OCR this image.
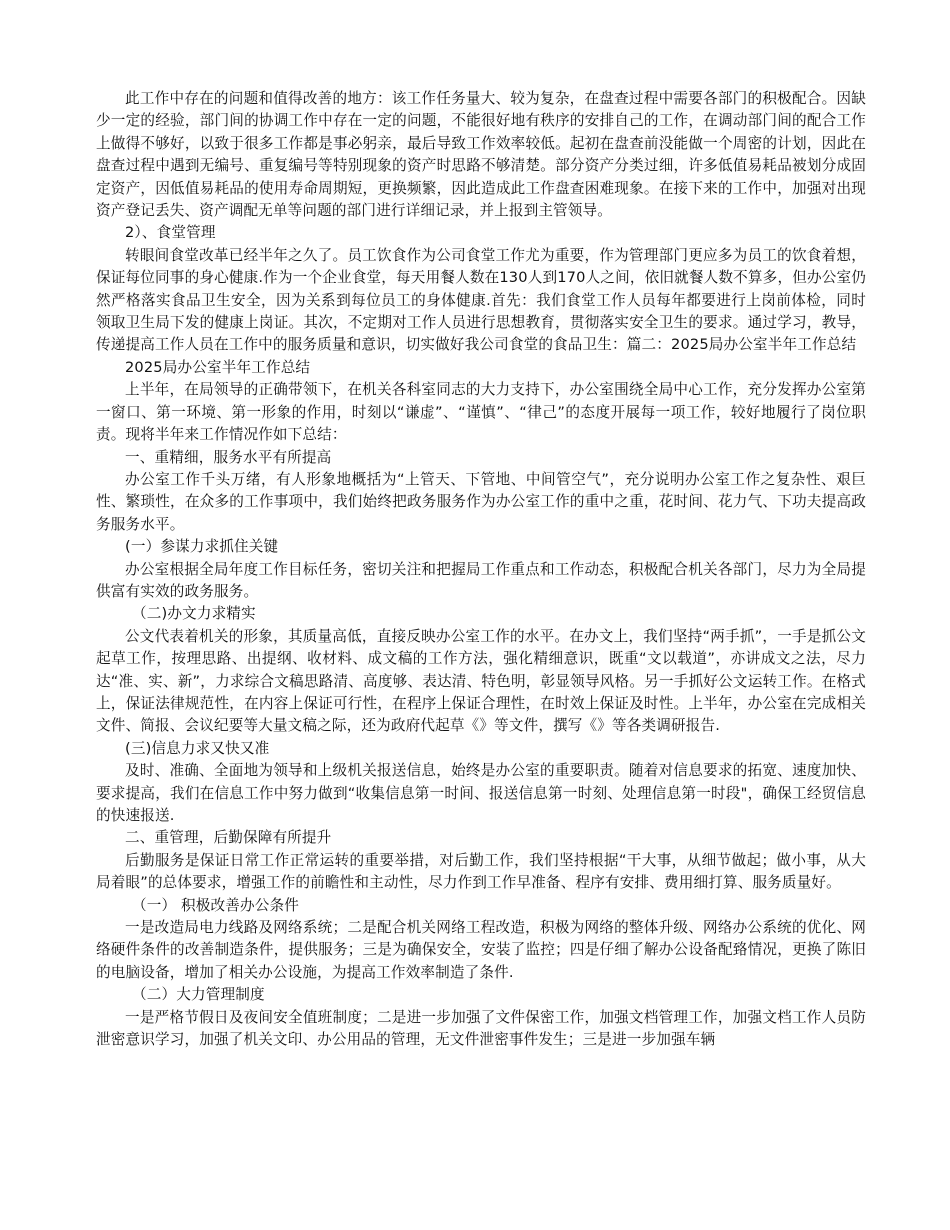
此工作中存在的问题和值得改善的地方：该工作任务量大、较为复杂，在盘查过程中需要各部门的积极配合。因缺少一定的经验，部门间的协调工作中存在一定的问题，不能很好地有秩序的安排自己的工作，在调动部门间的配合工作上做得不够好，以致于很多工作都是事必躬亲，最后导致工作效率较低。起初在盘查前没能做一个周密的计划，因此在盘查过程中遇到无编号、重复编号等特别现象的资产时思路不够清楚。部分资产分类过细，许多低值易耗品被划分成固定资产，因低值易耗品的使用寿命周期短，更换频繁，因此造成此工作盘查困难现象。在接下来的工作中，加强对出现资产登记丢失、资产调配无单等问题的部门进行详细记录，并上报到主管领导。

2）、食堂管理

转眼间食堂改革已经半年之久了。员工饮食作为公司食堂工作尤为重要，作为管理部门更应多为员工的饮食着想，保证每位同事的身心健康.作为一个企业食堂，每天用餐人数在130人到170人之间，依旧就餐人数不算多，但办公室仍然严格落实食品卫生安全，因为关系到每位员工的身体健康.首先：我们食堂工作人员每年都要进行上岗前体检，同时领取卫生局下发的健康上岗证。其次，不定期对工作人员进行思想教育，贯彻落实安全卫生的要求。通过学习，教导，传递提高工作人员在工作中的服务质量和意识，切实做好我公司食堂的食品卫生：篇二：2025局办公室半年工作总结

2025局办公室半年工作总结

上半年，在局领导的正确带领下，在机关各科室同志的大力支持下，办公室围绕全局中心工作，充分发挥办公室第一窗口、第一环境、第一形象的作用，时刻以“谦虚”、“谨慎”、“律己”的态度开展每一项工作，较好地履行了岗位职责。现将半年来工作情况作如下总结：

一、重精细，服务水平有所提高

办公室工作千头万绪，有人形象地概括为“上管天、下管地、中间管空气”，充分说明办公室工作之复杂性、艰巨性、繁琐性，在众多的工作事项中，我们始终把政务服务作为办公室工作的重中之重，花时间、花力气、下功夫提高政务服务水平。

(一）参谋力求抓住关键

办公室根据全局年度工作目标任务，密切关注和把握局工作重点和工作动态，积极配合机关各部门，尽力为全局提供富有实效的政务服务。

（二)办文力求精实

公文代表着机关的形象，其质量高低，直接反映办公室工作的水平。在办文上，我们坚持“两手抓”，一手是抓公文起草工作，按理思路、出提纲、收材料、成文稿的工作方法，强化精细意识，既重“文以载道”，亦讲成文之法，尽力达“准、实、新”，力求综合文稿思路清、高度够、表达清、特色明，彰显领导风格。另一手抓好公文运转工作。在格式上，保证法律规范性，在内容上保证可行性，在程序上保证合理性，在时效上保证及时性。上半年，办公室在完成相关文件、简报、会议纪要等大量文稿之际，还为政府代起草《》等文件，撰写《》等各类调研报告.

(三)信息力求又快又准

及时、准确、全面地为领导和上级机关报送信息，始终是办公室的重要职责。随着对信息要求的拓宽、速度加快、要求提高，我们在信息工作中努力做到“收集信息第一时间、报送信息第一时刻、处理信息第一时段"，确保工经贸信息的快速报送.

二、重管理，后勤保障有所提升

后勤服务是保证日常工作正常运转的重要举措，对后勤工作，我们坚持根据“干大事，从细节做起；做小事，从大局着眼”的总体要求，增强工作的前瞻性和主动性，尽力作到工作早准备、程序有安排、费用细打算、服务质量好。

（一） 积极改善办公条件

一是改造局电力线路及网络系统；二是配合机关网络工程改造，积极为网络的整体升级、网络办公系统的优化、网络硬件条件的改善制造条件，提供服务；三是为确保安全，安装了监控；四是仔细了解办公设备配臵情况，更换了陈旧的电脑设备，增加了相关办公设施，为提高工作效率制造了条件.

（二）大力管理制度

一是严格节假日及夜间安全值班制度；二是进一步加强了文件保密工作，加强文档管理工作，加强文档工作人员防泄密意识学习，加强了机关文印、办公用品的管理，无文件泄密事件发生；三是进一步加强车辆
